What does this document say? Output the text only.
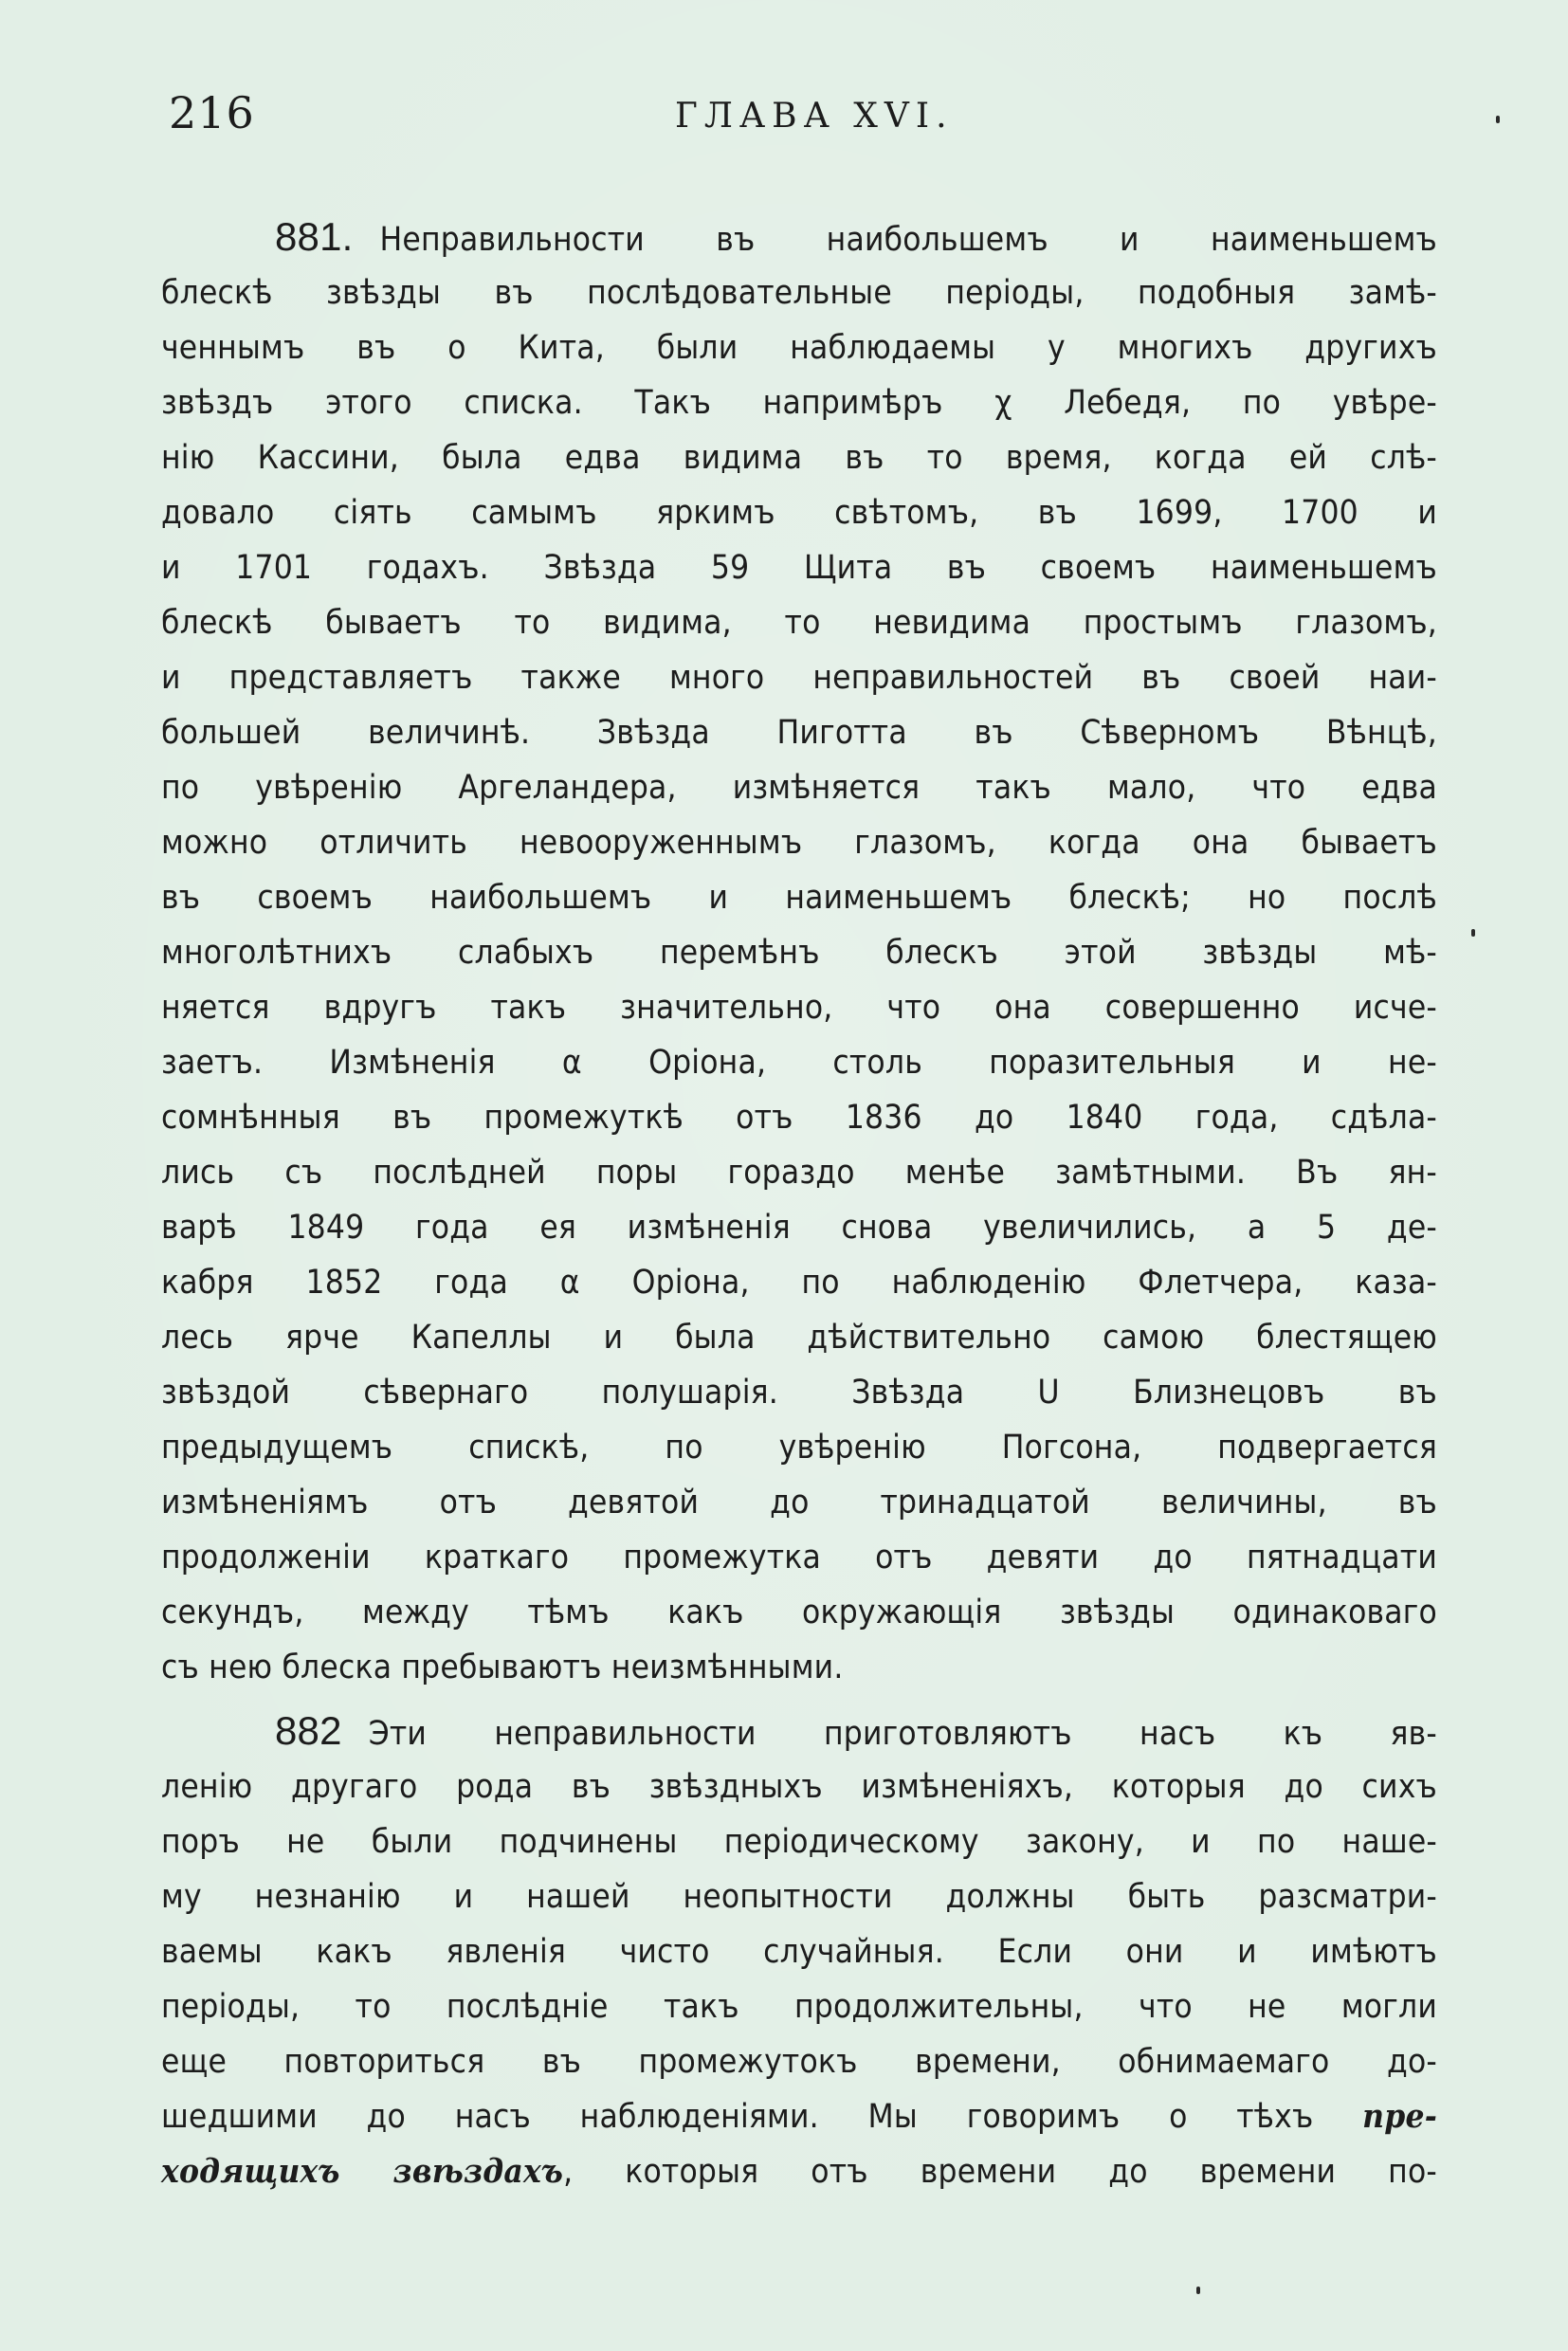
216	ГЛАВА XVI.
881. Неправильности въ наибольшемъ и наименьшемъ
блескѣ звѣзды въ послѣдовательные періоды, подобныя замѣ-
ченнымъ въ о Кита, были наблюдаемы у многихъ другихъ
звѣздъ этого списка. Такъ напримѣръ χ Лебедя, по увѣре-
нію Кассини, была едва видима въ то время, когда ей слѣ-
довало сіять самымъ яркимъ свѣтомъ, въ 1699, 1700 и
и 1701 годахъ. Звѣзда 59 Щита въ своемъ наименьшемъ
блескѣ бываетъ то видима, то невидима простымъ глазомъ,
и представляетъ также много неправильностей въ своей наи-
большей величинѣ. Звѣзда Пиготта въ Сѣверномъ Вѣнцѣ,
по увѣренію Аргеландера, измѣняется такъ мало, что едва
можно отличить невооруженнымъ глазомъ, когда она бываетъ
въ своемъ наибольшемъ и наименьшемъ блескѣ; но послѣ
многолѣтнихъ слабыхъ перемѣнъ блескъ этой звѣзды мѣ-
няется вдругъ такъ значительно, что она совершенно исче-
заетъ. Измѣненія α Оріона, столь поразительныя и не-
сомнѣнныя въ промежуткѣ отъ 1836 до 1840 года, сдѣла-
лись съ послѣдней поры гораздо менѣе замѣтными. Въ ян-
варѣ 1849 года ея измѣненія снова увеличились, а 5 де-
кабря 1852 года α Оріона, по наблюденію Флетчера, каза-
лесь ярче Капеллы и была дѣйствительно самою блестящею
звѣздой сѣвернаго полушарія. Звѣзда U Близнецовъ въ
предыдущемъ спискѣ, по увѣренію Погсона, подвергается
измѣненіямъ отъ девятой до тринадцатой величины, въ
продолженіи краткаго промежутка отъ девяти до пятнадцати
секундъ, между тѣмъ какъ окружающія звѣзды одинаковаго
съ нею блеска пребываютъ неизмѣнными.
882 Эти неправильности приготовляютъ насъ къ яв-
ленію другаго рода въ звѣздныхъ измѣненіяхъ, которыя до сихъ
поръ не были подчинены періодическому закону, и по наше-
му незнанію и нашей неопытности должны быть разсматри-
ваемы какъ явленія чисто случайныя. Если они и имѣютъ
періоды, то послѣдніе такъ продолжительны, что не могли
еще повториться въ промежутокъ времени, обнимаемаго до-
шедшими до насъ наблюденіями. Мы говоримъ о тѣхъ пре-
ходящихъ звѣздахъ, которыя отъ времени до времени по-
